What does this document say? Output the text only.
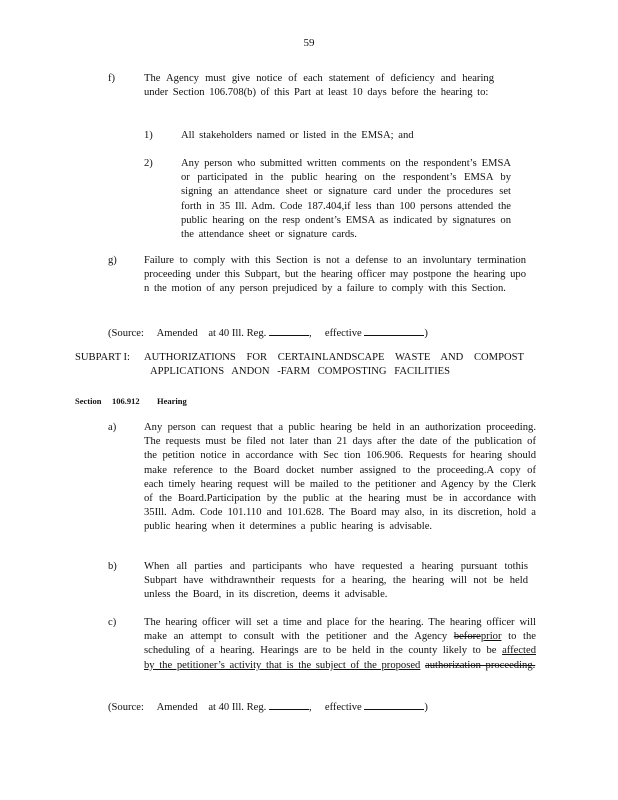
59
f)	The Agency must give notice of each statement of deficiency and hearing under Section 106.708(b) of this Part at least 10 days before the hearing to:
1)	All stakeholders named or listed in the EMSA; and
2)	Any person who submitted written comments on the respondent’s EMSA or participated in the public hearing on the respondent’s EMSA by signing an attendance sheet or signature card under the procedures set forth in 35 Ill. Adm. Code 187.404,if less than 100 persons attended the public hearing on the resp ondent’s EMSA as indicated by signatures on the attendance sheet or signature cards.
g)	Failure to comply with this Section is not a defense to an involuntary termination proceeding under this Subpart, but the hearing officer may postpone the hearing upo n the motion of any person prejudiced by a failure to comply with this Section.
(Source: Amended at 40 Ill. Reg.	, effective	)
SUBPART I: AUTHORIZATIONS FOR CERTAINLANDSCAPE WASTE AND COMPOST
APPLICATIONS ANDON -FARM COMPOSTING FACILITIES
Section 106.912 Hearing
a)	Any person can request that a public hearing be held in an authorization proceeding. The requests must be filed not later than 21 days after the date of the publication of the petition notice in accordance with Sec tion 106.906. Requests for hearing should make reference to the Board docket number assigned to the proceeding.A copy of each timely hearing request will be mailed to the petitioner and Agency by the Clerk of the Board.Participation by the public at the hearing must be in accordance with 35Ill. Adm. Code 101.110 and 101.628. The Board may also, in its discretion, hold a public hearing when it determines a public hearing is advisable.
b)	When all parties and participants who have requested a hearing pursuant tothis Subpart have withdrawntheir requests for a hearing, the hearing will not be held unless the Board, in its discretion, deems it advisable.
c)	The hearing officer will set a time and place for the hearing. The hearing officer will make an attempt to consult with the petitioner and the Agency beforeprior to the scheduling of a hearing. Hearings are to be held in the county likely to be affected by the petitioner’s activity that is the subject of the proposed authorization proceeding.
(Source: Amended at 40 Ill. Reg.	, effective	)
